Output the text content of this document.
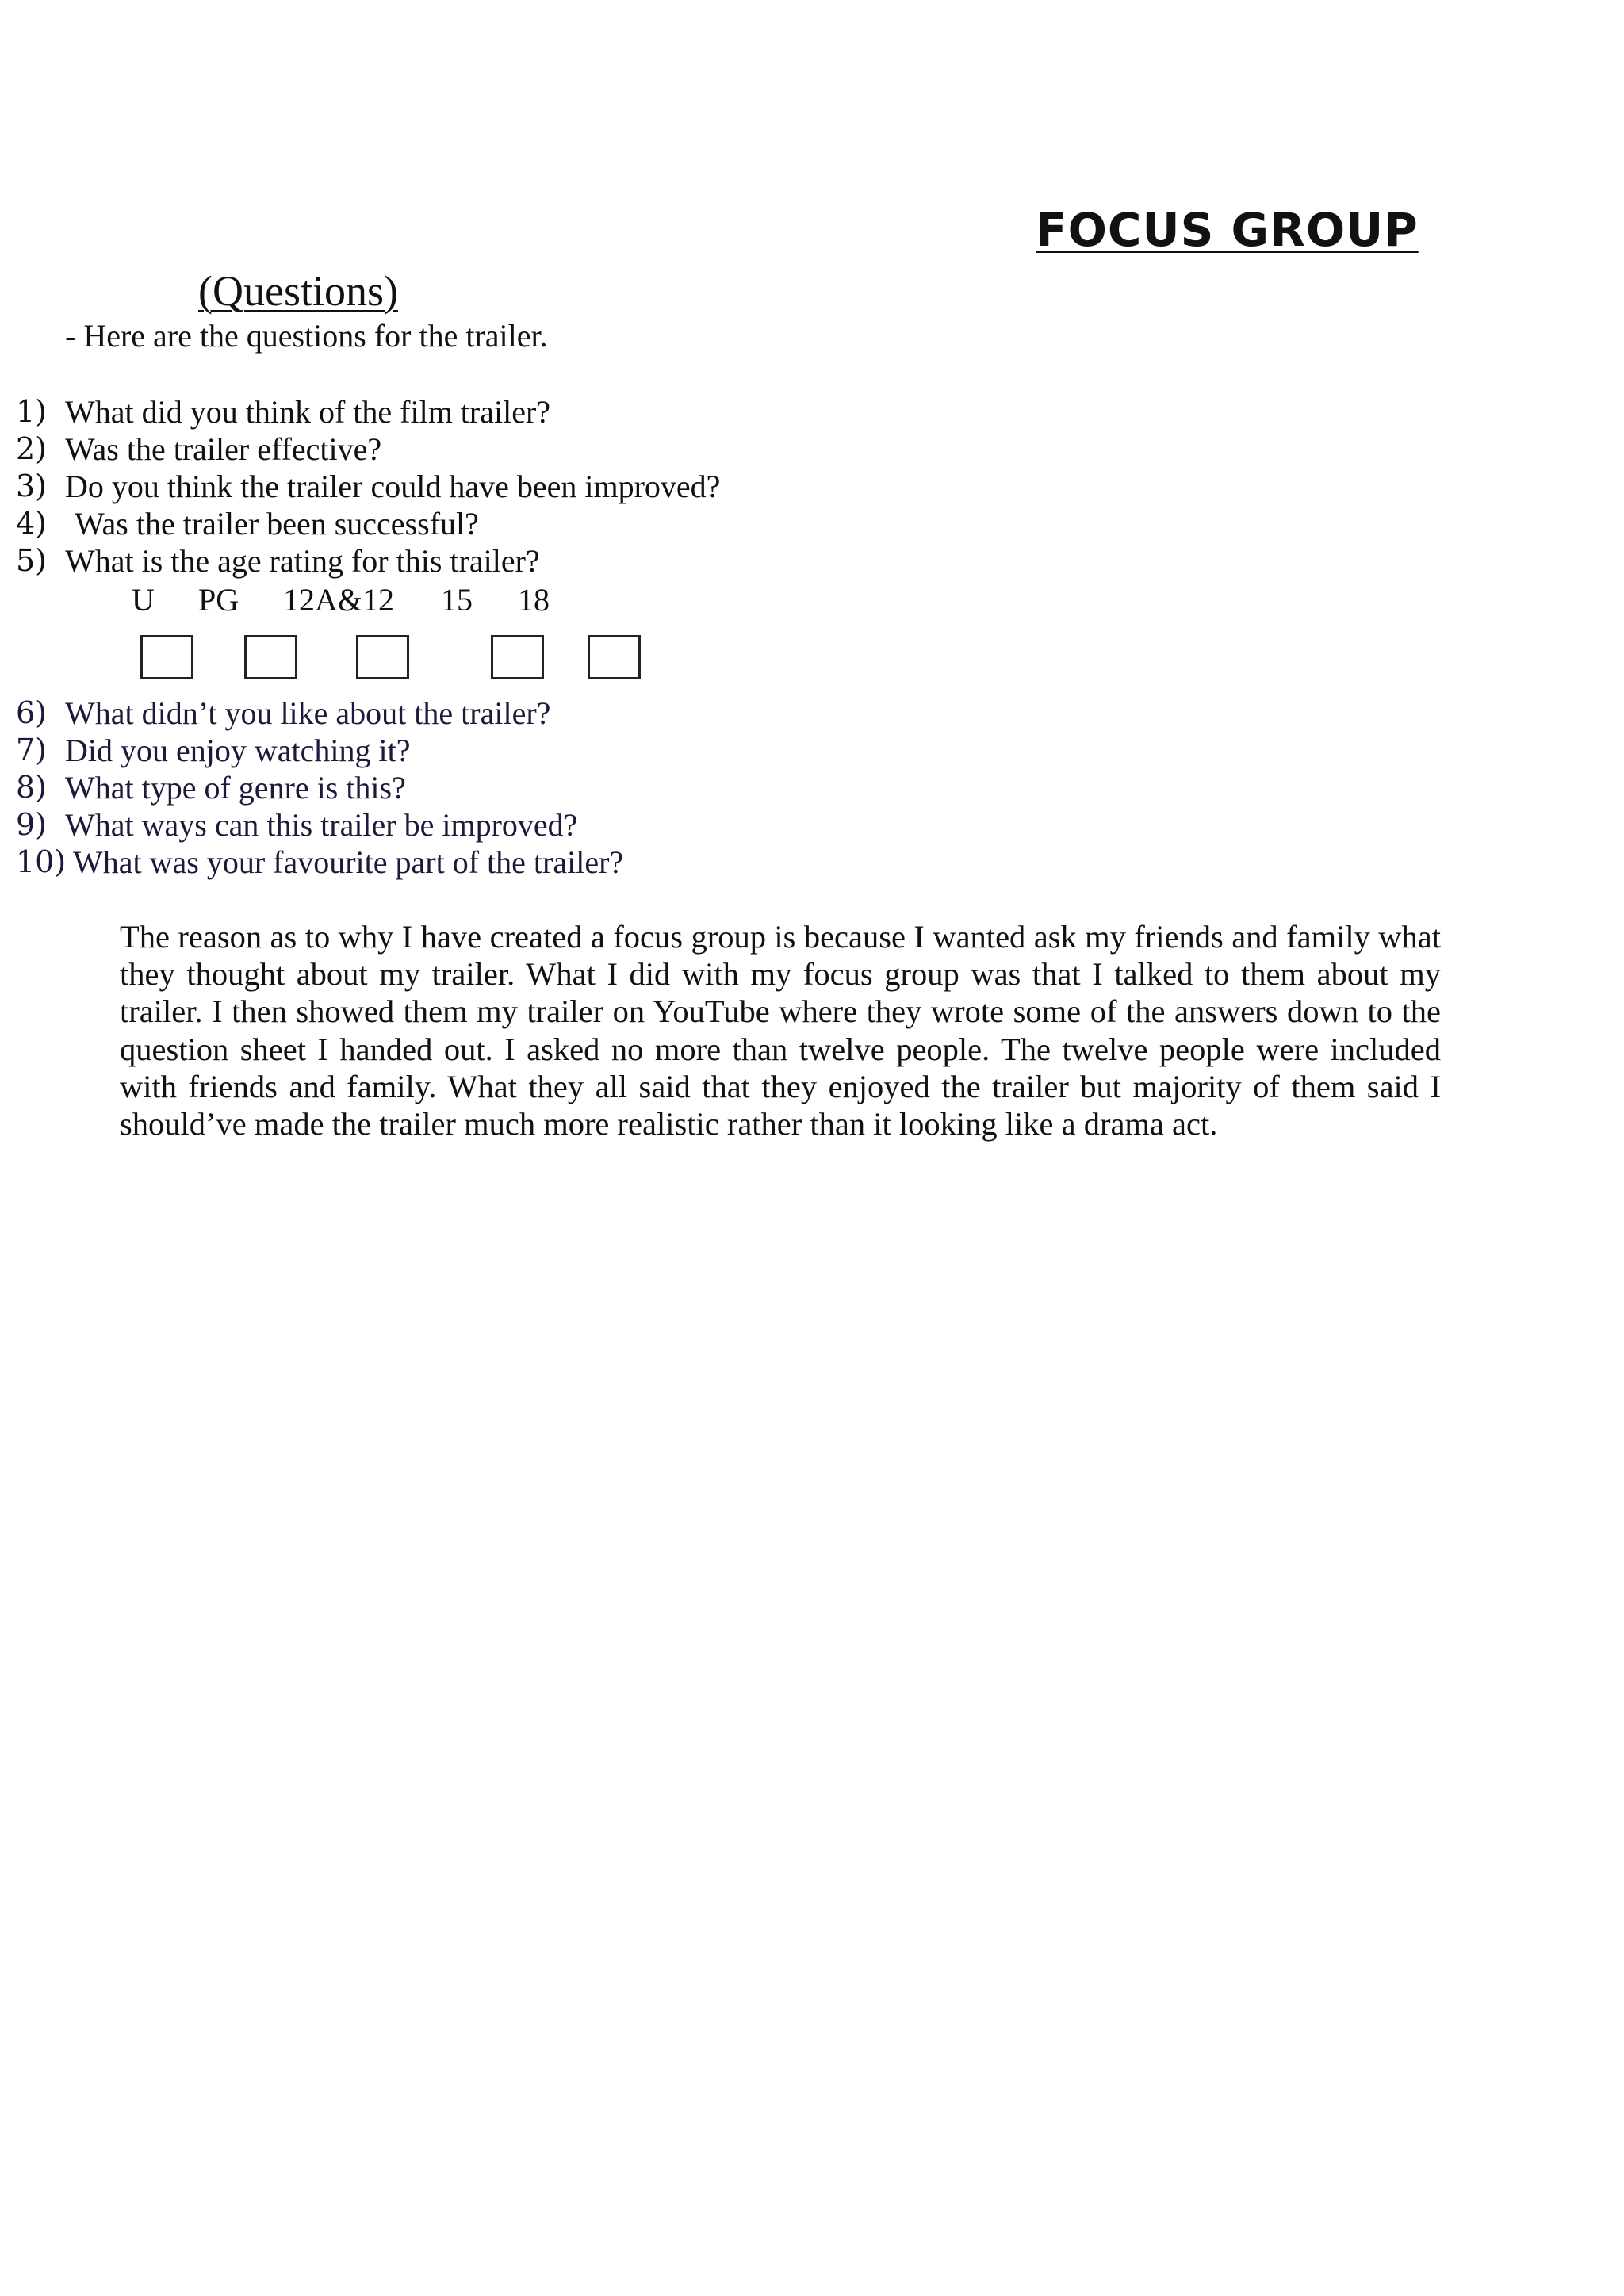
FOCUS GROUP
(Questions)
- Here are the questions for the trailer.
1) What did you think of the film trailer?
2) Was the trailer effective?
3) Do you think the trailer could have been improved?
4) Was the trailer been successful?
5) What is the age rating for this trailer?
U PG 12A&12 15 18
6) What didn’t you like about the trailer?
7) Did you enjoy watching it?
8) What type of genre is this?
9) What ways can this trailer be improved?
10) What was your favourite part of the trailer?

The reason as to why I have created a focus group is because I wanted ask my friends and family what they thought about my trailer. What I did with my focus group was that I talked to them about my trailer. I then showed them my trailer on YouTube where they wrote some of the answers down to the question sheet I handed out. I asked no more than twelve people. The twelve people were included with friends and family. What they all said that they enjoyed the trailer but majority of them said I should’ve made the trailer much more realistic rather than it looking like a drama act.
